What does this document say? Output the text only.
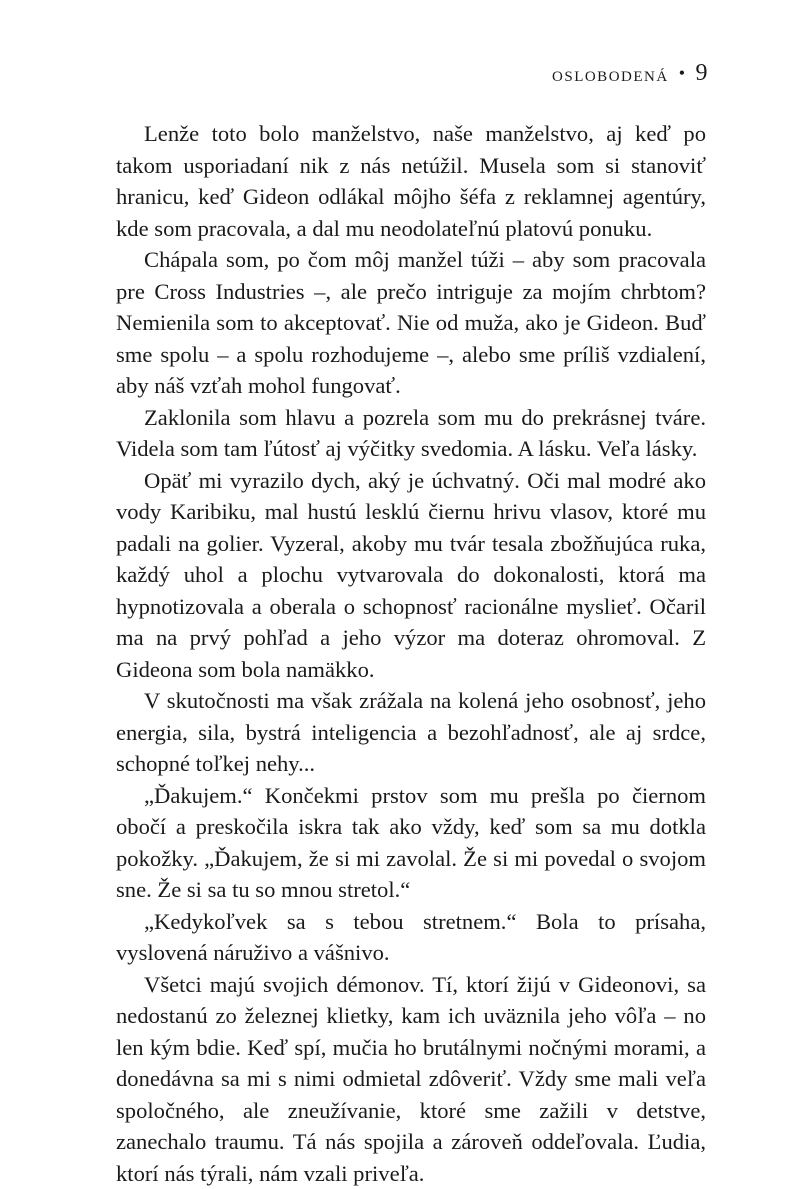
oslobodená • 9

Lenže toto bolo manželstvo, naše manželstvo, aj keď po takom usporiadaní nik z nás netúžil. Musela som si stanoviť hranicu, keď Gideon odlákal môjho šéfa z reklamnej agentúry, kde som pracovala, a dal mu neodolateľnú platovú ponuku.

Chápala som, po čom môj manžel túži – aby som pracovala pre Cross Industries –, ale prečo intriguje za mojím chrbtom? Nemienila som to akceptovať. Nie od muža, ako je Gideon. Buď sme spolu – a spolu rozhodujeme –, alebo sme príliš vzdialení, aby náš vzťah mohol fungovať.

Zaklonila som hlavu a pozrela som mu do prekrásnej tváre. Videla som tam ľútosť aj výčitky svedomia. A lásku. Veľa lásky.

Opäť mi vyrazilo dych, aký je úchvatný. Oči mal modré ako vody Karibiku, mal hustú lesklú čiernu hrivu vlasov, ktoré mu padali na golier. Vyzeral, akoby mu tvár tesala zbožňujúca ruka, každý uhol a plochu vytvarovala do dokonalosti, ktorá ma hypnotizovala a oberala o schopnosť racionálne myslieť. Očaril ma na prvý pohľad a jeho výzor ma doteraz ohromoval. Z Gideona som bola namäkko.

V skutočnosti ma však zrážala na kolená jeho osobnosť, jeho energia, sila, bystrá inteligencia a bezohľadnosť, ale aj srdce, schopné toľkej nehy...

„Ďakujem.“ Končekmi prstov som mu prešla po čiernom obočí a preskočila iskra tak ako vždy, keď som sa mu dotkla pokožky. „Ďakujem, že si mi zavolal. Že si mi povedal o svojom sne. Že si sa tu so mnou stretol.“

„Kedykoľvek sa s tebou stretnem.“ Bola to prísaha, vyslovená náruživo a vášnivo.

Všetci majú svojich démonov. Tí, ktorí žijú v Gideonovi, sa nedostanú zo železnej klietky, kam ich uväznila jeho vôľa – no len kým bdie. Keď spí, mučia ho brutálnymi nočnými morami, a donedávna sa mi s nimi odmietal zdôveriť. Vždy sme mali veľa spoločného, ale zneužívanie, ktoré sme zažili v detstve, zanechalo traumu. Tá nás spojila a zároveň oddeľovala. Ľudia, ktorí nás týrali, nám vzali priveľa.
